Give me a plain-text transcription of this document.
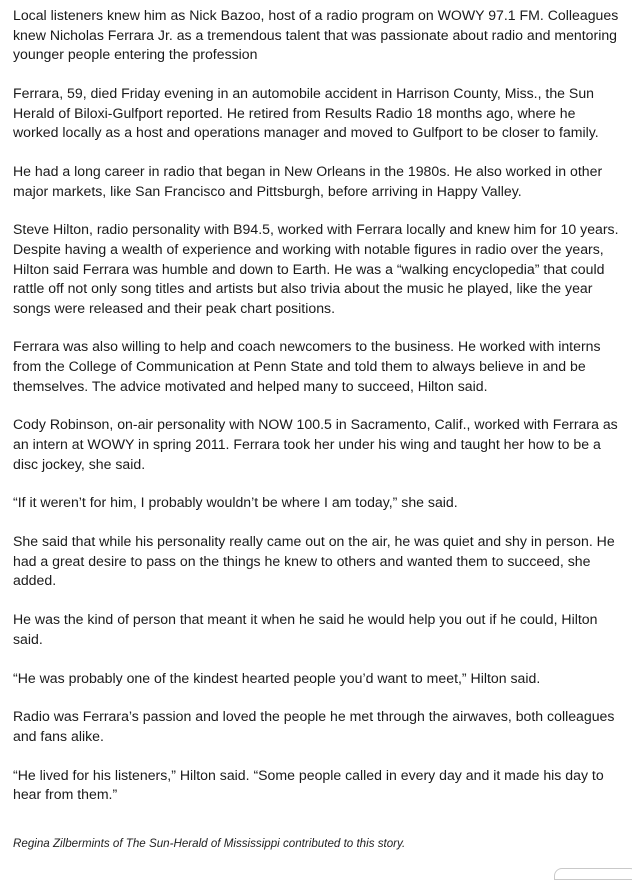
Local listeners knew him as Nick Bazoo, host of a radio program on WOWY 97.1 FM. Colleagues knew Nicholas Ferrara Jr. as a tremendous talent that was passionate about radio and mentoring younger people entering the profession

Ferrara, 59, died Friday evening in an automobile accident in Harrison County, Miss., the Sun Herald of Biloxi-Gulfport reported. He retired from Results Radio 18 months ago, where he worked locally as a host and operations manager and moved to Gulfport to be closer to family.

He had a long career in radio that began in New Orleans in the 1980s. He also worked in other major markets, like San Francisco and Pittsburgh, before arriving in Happy Valley.

Steve Hilton, radio personality with B94.5, worked with Ferrara locally and knew him for 10 years. Despite having a wealth of experience and working with notable figures in radio over the years, Hilton said Ferrara was humble and down to Earth. He was a “walking encyclopedia” that could rattle off not only song titles and artists but also trivia about the music he played, like the year songs were released and their peak chart positions.

Ferrara was also willing to help and coach newcomers to the business. He worked with interns from the College of Communication at Penn State and told them to always believe in and be themselves. The advice motivated and helped many to succeed, Hilton said.

Cody Robinson, on-air personality with NOW 100.5 in Sacramento, Calif., worked with Ferrara as an intern at WOWY in spring 2011. Ferrara took her under his wing and taught her how to be a disc jockey, she said.

“If it weren’t for him, I probably wouldn’t be where I am today,” she said.

She said that while his personality really came out on the air, he was quiet and shy in person. He had a great desire to pass on the things he knew to others and wanted them to succeed, she added.

He was the kind of person that meant it when he said he would help you out if he could, Hilton said.

“He was probably one of the kindest hearted people you’d want to meet,” Hilton said.

Radio was Ferrara’s passion and loved the people he met through the airwaves, both colleagues and fans alike.

“He lived for his listeners,” Hilton said. “Some people called in every day and it made his day to hear from them.”

Regina Zilbermints of The Sun-Herald of Mississippi contributed to this story.
